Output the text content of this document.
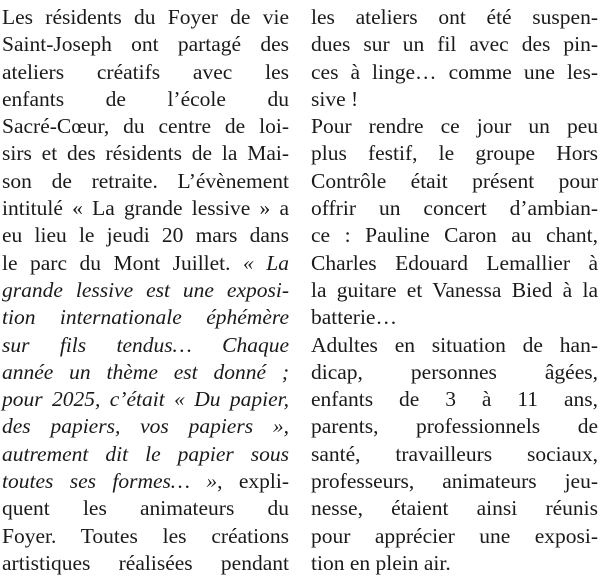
Les résidents du Foyer de vie
Saint-Joseph ont partagé des
ateliers créatifs avec les
enfants de l’école du
Sacré-Cœur, du centre de loi-
sirs et des résidents de la Mai-
son de retraite. L’évènement
intitulé « La grande lessive » a
eu lieu le jeudi 20 mars dans
le parc du Mont Juillet. « La
grande lessive est une exposi-
tion internationale éphémère
sur fils tendus… Chaque
année un thème est donné ;
pour 2025, c’était « Du papier,
des papiers, vos papiers »,
autrement dit le papier sous
toutes ses formes… », expli-
quent les animateurs du
Foyer. Toutes les créations
artistiques réalisées pendant
les ateliers ont été suspen-
dues sur un fil avec des pin-
ces à linge… comme une les-
sive !
Pour rendre ce jour un peu
plus festif, le groupe Hors
Contrôle était présent pour
offrir un concert d’ambian-
ce : Pauline Caron au chant,
Charles Edouard Lemallier à
la guitare et Vanessa Bied à la
batterie…
Adultes en situation de han-
dicap, personnes âgées,
enfants de 3 à 11 ans,
parents, professionnels de
santé, travailleurs sociaux,
professeurs, animateurs jeu-
nesse, étaient ainsi réunis
pour apprécier une exposi-
tion en plein air.
